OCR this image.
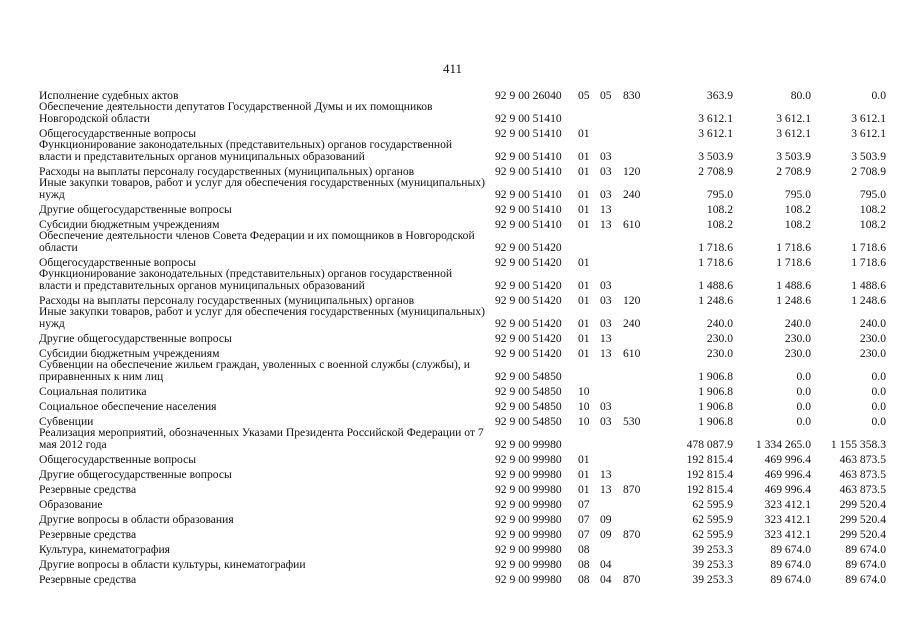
411
Исполнение судебных актов	92 9 00 26040	05	05	830	363.9	80.0	0.0
Обеспечение деятельности депутатов Государственной Думы и их помощников Новгородской области	92 9 00 51410				3 612.1	3 612.1	3 612.1
Общегосударственные вопросы	92 9 00 51410	01			3 612.1	3 612.1	3 612.1
Функционирование законодательных (представительных) органов государственной власти и представительных органов муниципальных образований	92 9 00 51410	01	03		3 503.9	3 503.9	3 503.9
Расходы на выплаты персоналу государственных (муниципальных) органов	92 9 00 51410	01	03	120	2 708.9	2 708.9	2 708.9
Иные закупки товаров, работ и услуг для обеспечения государственных (муниципальных) нужд	92 9 00 51410	01	03	240	795.0	795.0	795.0
Другие общегосударственные вопросы	92 9 00 51410	01	13		108.2	108.2	108.2
Субсидии бюджетным учреждениям	92 9 00 51410	01	13	610	108.2	108.2	108.2
Обеспечение деятельности членов Совета Федерации и их помощников в Новгородской области	92 9 00 51420				1 718.6	1 718.6	1 718.6
Общегосударственные вопросы	92 9 00 51420	01			1 718.6	1 718.6	1 718.6
Функционирование законодательных (представительных) органов государственной власти и представительных органов муниципальных образований	92 9 00 51420	01	03		1 488.6	1 488.6	1 488.6
Расходы на выплаты персоналу государственных (муниципальных) органов	92 9 00 51420	01	03	120	1 248.6	1 248.6	1 248.6
Иные закупки товаров, работ и услуг для обеспечения государственных (муниципальных) нужд	92 9 00 51420	01	03	240	240.0	240.0	240.0
Другие общегосударственные вопросы	92 9 00 51420	01	13		230.0	230.0	230.0
Субсидии бюджетным учреждениям	92 9 00 51420	01	13	610	230.0	230.0	230.0
Субвенции на обеспечение жильем граждан, уволенных с военной службы (службы), и приравненных к ним лиц	92 9 00 54850				1 906.8	0.0	0.0
Социальная политика	92 9 00 54850	10			1 906.8	0.0	0.0
Социальное обеспечение населения	92 9 00 54850	10	03		1 906.8	0.0	0.0
Субвенции	92 9 00 54850	10	03	530	1 906.8	0.0	0.0
Реализация мероприятий, обозначенных Указами Президента Российской Федерации от 7 мая 2012 года	92 9 00 99980				478 087.9	1 334 265.0	1 155 358.3
Общегосударственные вопросы	92 9 00 99980	01			192 815.4	469 996.4	463 873.5
Другие общегосударственные вопросы	92 9 00 99980	01	13		192 815.4	469 996.4	463 873.5
Резервные средства	92 9 00 99980	01	13	870	192 815.4	469 996.4	463 873.5
Образование	92 9 00 99980	07			62 595.9	323 412.1	299 520.4
Другие вопросы в области образования	92 9 00 99980	07	09		62 595.9	323 412.1	299 520.4
Резервные средства	92 9 00 99980	07	09	870	62 595.9	323 412.1	299 520.4
Культура, кинематография	92 9 00 99980	08			39 253.3	89 674.0	89 674.0
Другие вопросы в области культуры, кинематографии	92 9 00 99980	08	04		39 253.3	89 674.0	89 674.0
Резервные средства	92 9 00 99980	08	04	870	39 253.3	89 674.0	89 674.0
